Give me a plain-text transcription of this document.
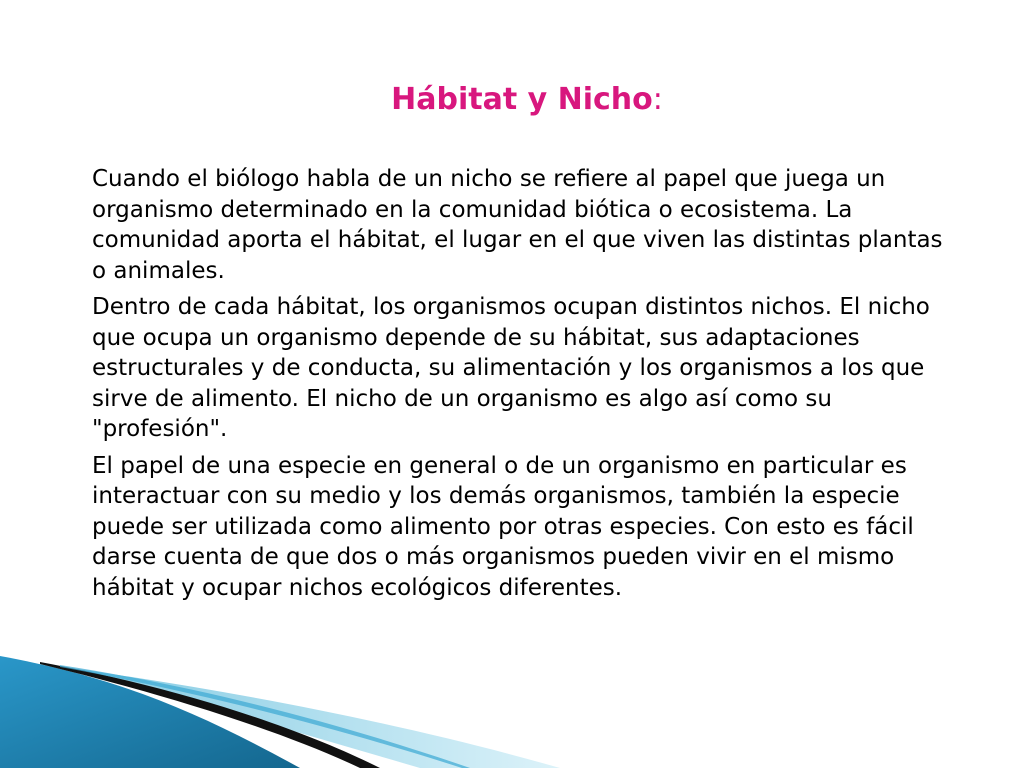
Hábitat y Nicho:

Cuando el biólogo habla de un nicho se refiere al papel que juega un organismo determinado en la comunidad biótica o ecosistema. La comunidad aporta el hábitat, el lugar en el que viven las distintas plantas o animales.

Dentro de cada hábitat, los organismos ocupan distintos nichos. El nicho que ocupa un organismo depende de su hábitat, sus adaptaciones estructurales y de conducta, su alimentación y los organismos a los que sirve de alimento. El nicho de un organismo es algo así como su "profesión".

El papel de una especie en general o de un organismo en particular es interactuar con su medio y los demás organismos, también la especie puede ser utilizada como alimento por otras especies. Con esto es fácil darse cuenta de que dos o más organismos pueden vivir en el mismo hábitat y ocupar nichos ecológicos diferentes.
